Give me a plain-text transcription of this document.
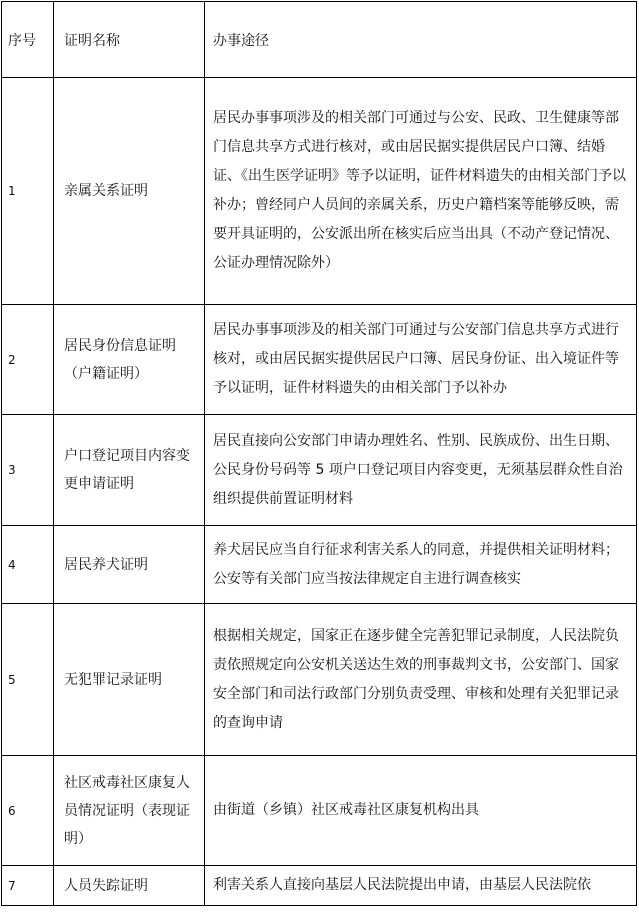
序号	证明名称	办事途径
1	亲属关系证明	居民办事事项涉及的相关部门可通过与公安、民政、卫生健康等部门信息共享方式进行核对，或由居民据实提供居民户口簿、结婚证、《出生医学证明》等予以证明，证件材料遗失的由相关部门予以补办；曾经同户人员间的亲属关系，历史户籍档案等能够反映，需要开具证明的，公安派出所在核实后应当出具（不动产登记情况、公证办理情况除外）
2	居民身份信息证明（户籍证明）	居民办事事项涉及的相关部门可通过与公安部门信息共享方式进行核对，或由居民据实提供居民户口簿、居民身份证、出入境证件等予以证明，证件材料遗失的由相关部门予以补办
3	户口登记项目内容变更申请证明	居民直接向公安部门申请办理姓名、性别、民族成份、出生日期、公民身份号码等 5 项户口登记项目内容变更，无须基层群众性自治组织提供前置证明材料
4	居民养犬证明	养犬居民应当自行征求利害关系人的同意，并提供相关证明材料；公安等有关部门应当按法律规定自主进行调查核实
5	无犯罪记录证明	根据相关规定，国家正在逐步健全完善犯罪记录制度，人民法院负责依照规定向公安机关送达生效的刑事裁判文书，公安部门、国家安全部门和司法行政部门分别负责受理、审核和处理有关犯罪记录的查询申请
6	社区戒毒社区康复人员情况证明（表现证明）	由街道（乡镇）社区戒毒社区康复机构出具
7	人员失踪证明	利害关系人直接向基层人民法院提出申请，由基层人民法院依
